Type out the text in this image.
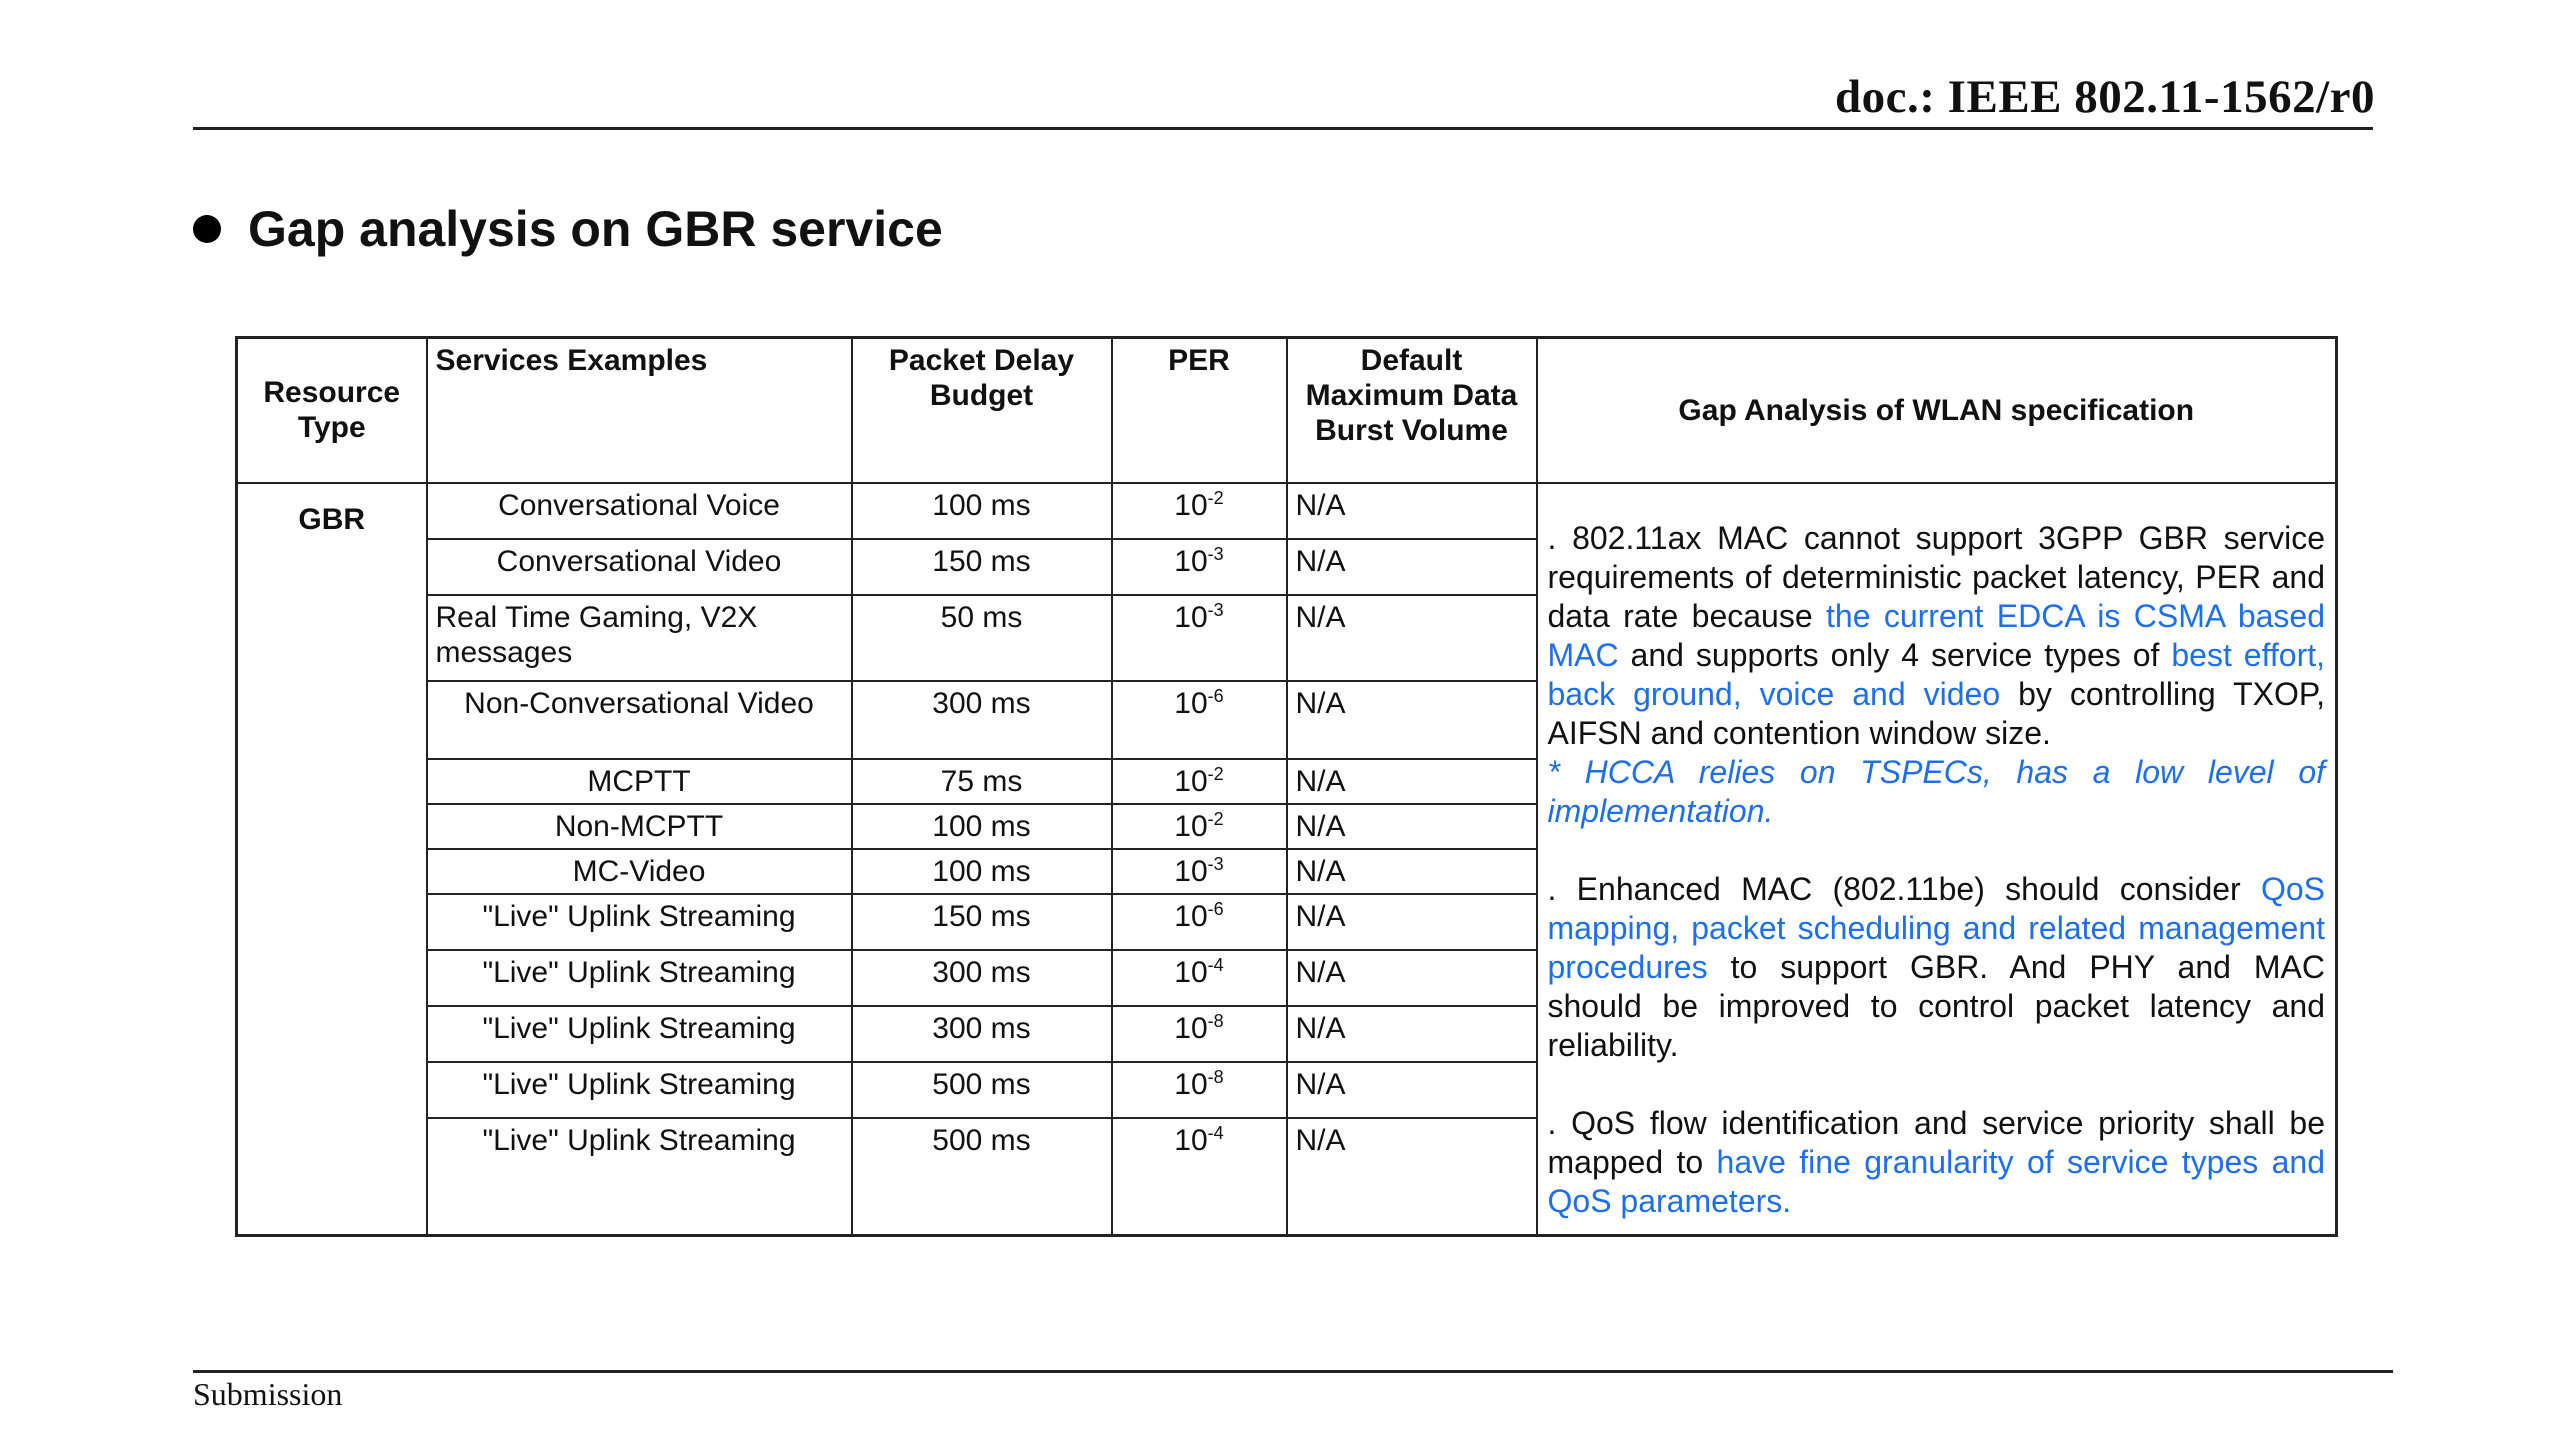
doc.: IEEE 802.11-1562/r0
Gap analysis on GBR service
Resource Type	Services Examples	Packet Delay Budget	PER	Default Maximum Data Burst Volume	Gap Analysis of WLAN specification
GBR	Conversational Voice	100 ms	$10^{-2}$	N/A	. 802.11ax MAC cannot support 3GPP GBR service requirements of deterministic packet latency, PER and data rate because the current EDCA is CSMA based MAC and supports only 4 service types of best effort, back ground, voice and video by controlling TXOP, AIFSN and contention window size.
* HCCA relies on TSPECs, has a low level of implementation.
. Enhanced MAC (802.11be) should consider QoS mapping, packet scheduling and related management procedures to support GBR. And PHY and MAC should be improved to control packet latency and reliability.
. QoS flow identification and service priority shall be mapped to have fine granularity of service types and QoS parameters.

	Conversational Video	150 ms	$10^{-3}$	N/A	
	Real Time Gaming, V2X messages	50 ms	$10^{-3}$	N/A	
	Non-Conversational Video	300 ms	$10^{-6}$	N/A	
	MCPTT	75 ms	$10^{-2}$	N/A	
	Non-MCPTT	100 ms	$10^{-2}$	N/A	
	MC-Video	100 ms	$10^{-3}$	N/A	
	"Live" Uplink Streaming	150 ms	$10^{-6}$	N/A	
	"Live" Uplink Streaming	300 ms	$10^{-4}$	N/A	
	"Live" Uplink Streaming	300 ms	$10^{-8}$	N/A	
	"Live" Uplink Streaming	500 ms	$10^{-8}$	N/A	
	"Live" Uplink Streaming	500 ms	$10^{-4}$	N/A	
Submission
